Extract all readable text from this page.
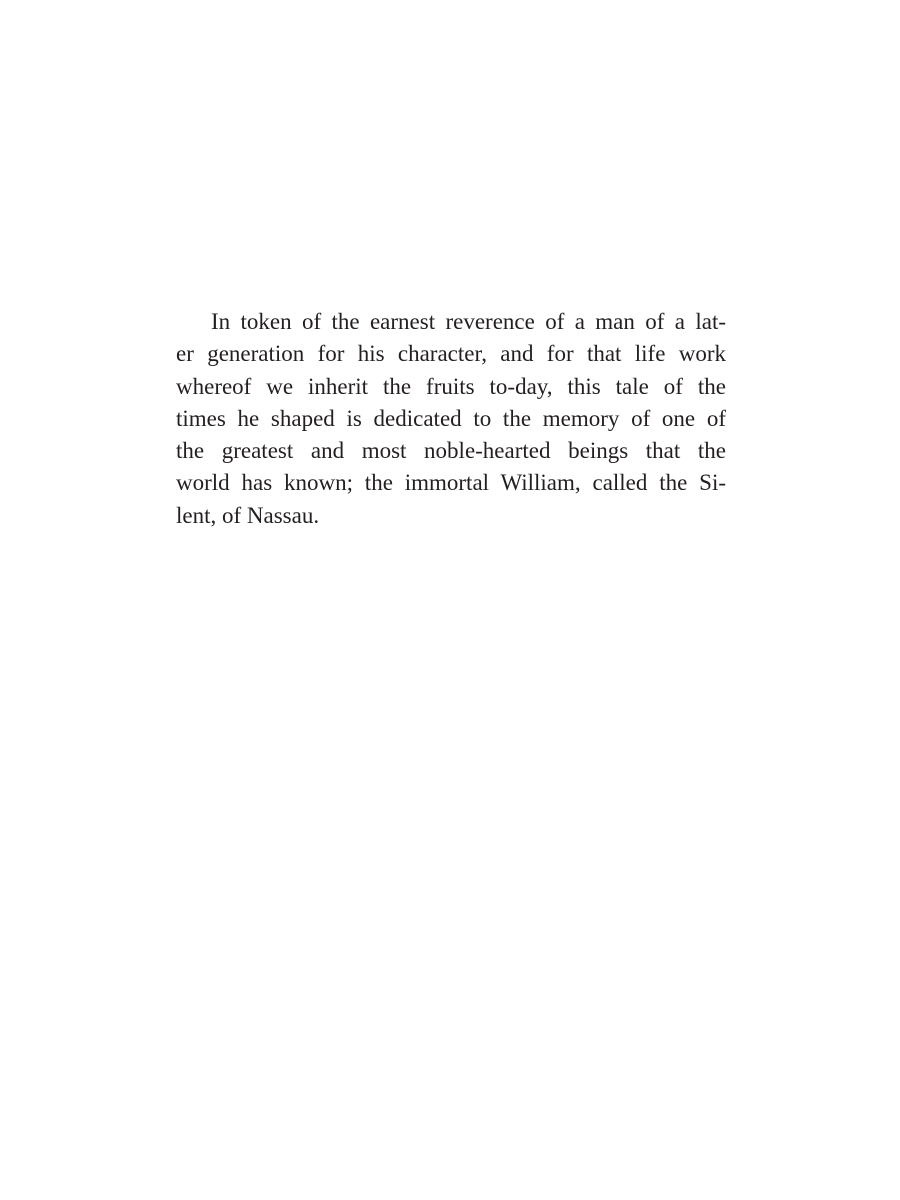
In token of the earnest reverence of a man of a lat-
er generation for his character, and for that life work
whereof we inherit the fruits to-day, this tale of the
times he shaped is dedicated to the memory of one of
the greatest and most noble-hearted beings that the
world has known; the immortal William, called the Si-
lent, of Nassau.
